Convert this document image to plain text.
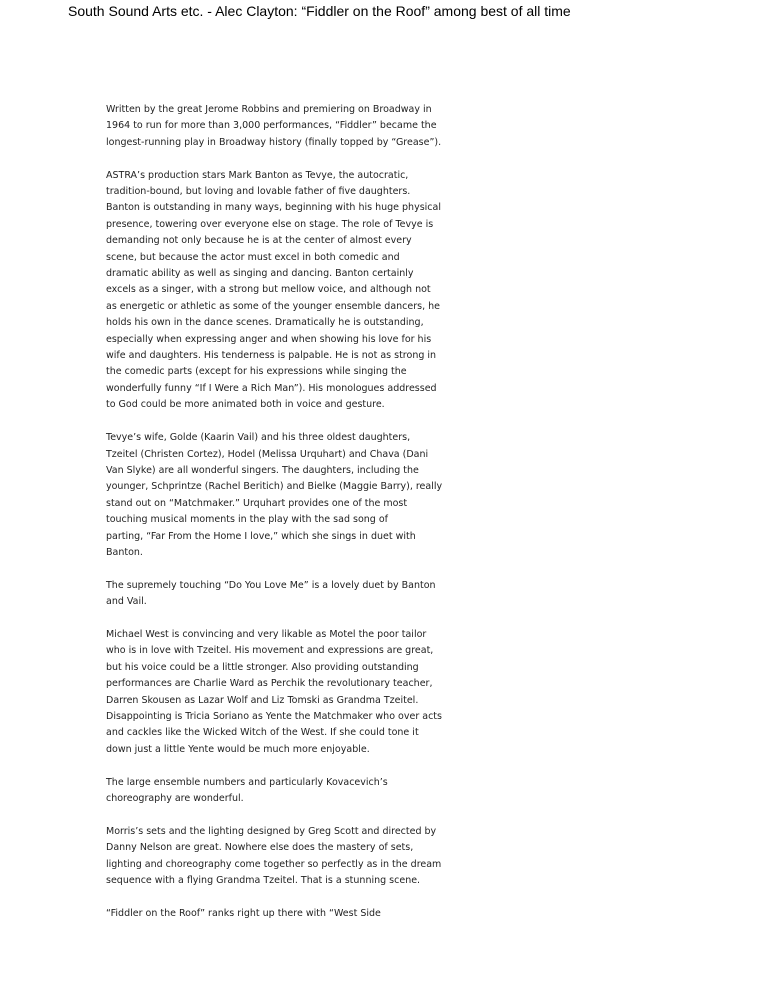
South Sound Arts etc. - Alec Clayton: “Fiddler on the Roof” among best of all time

Written by the great Jerome Robbins and premiering on Broadway in
1964 to run for more than 3,000 performances, “Fiddler” became the
longest-running play in Broadway history (finally topped by “Grease”).

ASTRA’s production stars Mark Banton as Tevye, the autocratic,
tradition-bound, but loving and lovable father of five daughters.
Banton is outstanding in many ways, beginning with his huge physical
presence, towering over everyone else on stage. The role of Tevye is
demanding not only because he is at the center of almost every
scene, but because the actor must excel in both comedic and
dramatic ability as well as singing and dancing. Banton certainly
excels as a singer, with a strong but mellow voice, and although not
as energetic or athletic as some of the younger ensemble dancers, he
holds his own in the dance scenes. Dramatically he is outstanding,
especially when expressing anger and when showing his love for his
wife and daughters. His tenderness is palpable. He is not as strong in
the comedic parts (except for his expressions while singing the
wonderfully funny “If I Were a Rich Man”). His monologues addressed
to God could be more animated both in voice and gesture.

Tevye’s wife, Golde (Kaarin Vail) and his three oldest daughters,
Tzeitel (Christen Cortez), Hodel (Melissa Urquhart) and Chava (Dani
Van Slyke) are all wonderful singers. The daughters, including the
younger, Schprintze (Rachel Beritich) and Bielke (Maggie Barry), really
stand out on “Matchmaker.” Urquhart provides one of the most
touching musical moments in the play with the sad song of
parting, “Far From the Home I love,” which she sings in duet with
Banton.

The supremely touching “Do You Love Me” is a lovely duet by Banton
and Vail.

Michael West is convincing and very likable as Motel the poor tailor
who is in love with Tzeitel. His movement and expressions are great,
but his voice could be a little stronger. Also providing outstanding
performances are Charlie Ward as Perchik the revolutionary teacher,
Darren Skousen as Lazar Wolf and Liz Tomski as Grandma Tzeitel.
Disappointing is Tricia Soriano as Yente the Matchmaker who over acts
and cackles like the Wicked Witch of the West. If she could tone it
down just a little Yente would be much more enjoyable.

The large ensemble numbers and particularly Kovacevich’s
choreography are wonderful.

Morris’s sets and the lighting designed by Greg Scott and directed by
Danny Nelson are great. Nowhere else does the mastery of sets,
lighting and choreography come together so perfectly as in the dream
sequence with a flying Grandma Tzeitel. That is a stunning scene.

“Fiddler on the Roof” ranks right up there with “West Side
